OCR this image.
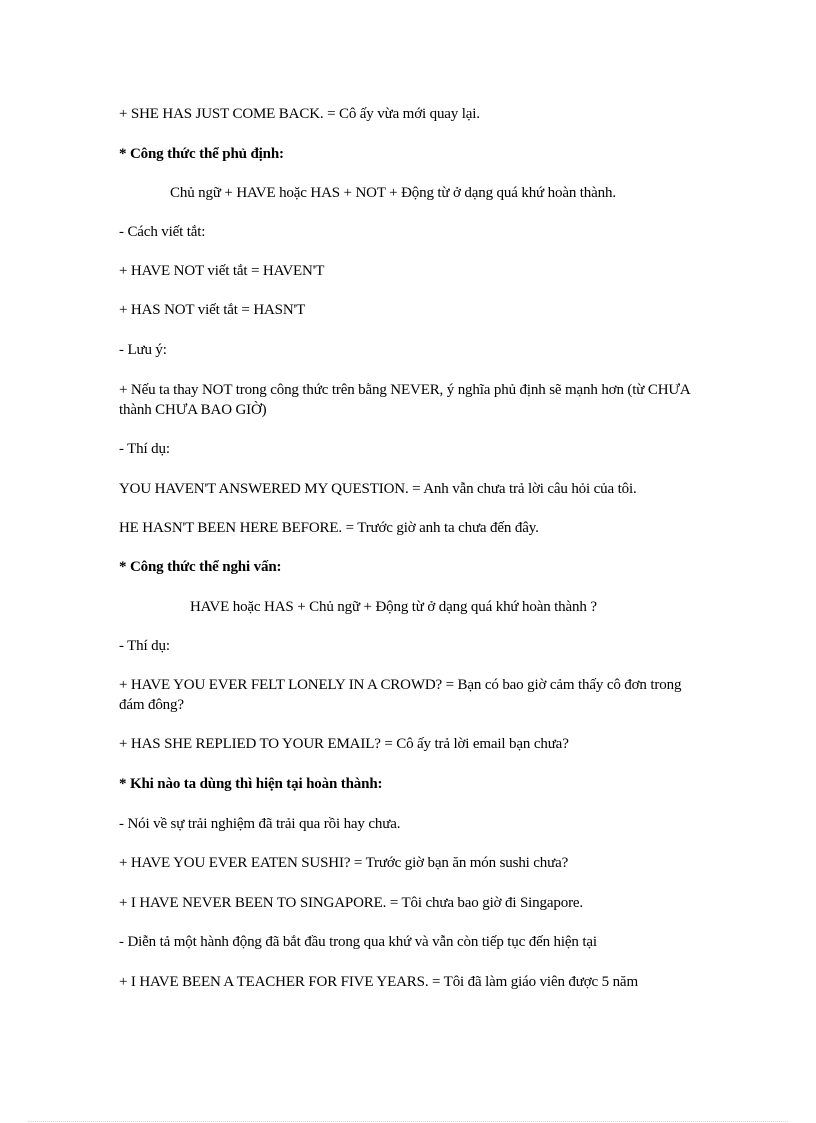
+ SHE HAS JUST COME BACK. = Cô ấy vừa mới quay lại.
* Công thức thể phủ định:
Chủ ngữ + HAVE hoặc HAS + NOT + Động từ ở dạng quá khứ hoàn thành.
- Cách viết tắt:
+ HAVE NOT viết tắt = HAVEN'T
+ HAS NOT viết tắt = HASN'T
- Lưu ý:
+ Nếu ta thay NOT trong công thức trên bằng NEVER, ý nghĩa phủ định sẽ mạnh hơn (từ CHƯA thành CHƯA BAO GIỜ)
- Thí dụ:
YOU HAVEN'T ANSWERED MY QUESTION. = Anh vẫn chưa trả lời câu hỏi của tôi.
HE HASN'T BEEN HERE BEFORE. = Trước giờ anh ta chưa đến đây.
* Công thức thể nghi vấn:
HAVE hoặc HAS + Chủ ngữ + Động từ ở dạng quá khứ hoàn thành ?
- Thí dụ:
+ HAVE YOU EVER FELT LONELY IN A CROWD? = Bạn có bao giờ cảm thấy cô đơn trong đám đông?
+ HAS SHE REPLIED TO YOUR EMAIL? = Cô ấy trả lời email bạn chưa?
* Khi nào ta dùng thì hiện tại hoàn thành:
- Nói về sự trải nghiệm đã trải qua rồi hay chưa.
+ HAVE YOU EVER EATEN SUSHI? = Trước giờ bạn ăn món sushi chưa?
+ I HAVE NEVER BEEN TO SINGAPORE. = Tôi chưa bao giờ đi Singapore.
- Diễn tả một hành động đã bắt đầu trong qua khứ và vẫn còn tiếp tục đến hiện tại
+ I HAVE BEEN A TEACHER FOR FIVE YEARS. = Tôi đã làm giáo viên được 5 năm
